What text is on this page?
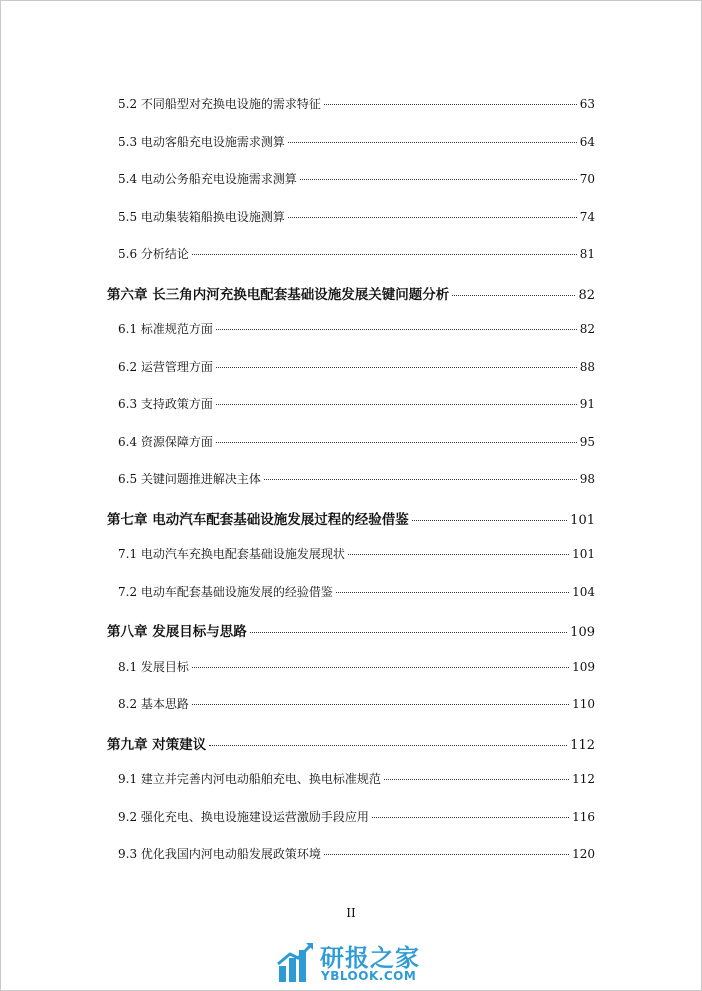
5.2 不同船型对充换电设施的需求特征	63
5.3 电动客船充电设施需求测算	64
5.4 电动公务船充电设施需求测算	70
5.5 电动集装箱船换电设施测算	74
5.6 分析结论	81
第六章 长三角内河充换电配套基础设施发展关键问题分析	82
6.1 标准规范方面	82
6.2 运营管理方面	88
6.3 支持政策方面	91
6.4 资源保障方面	95
6.5 关键问题推进解决主体	98
第七章 电动汽车配套基础设施发展过程的经验借鉴	101
7.1 电动汽车充换电配套基础设施发展现状	101
7.2 电动车配套基础设施发展的经验借鉴	104
第八章 发展目标与思路	109
8.1 发展目标	109
8.2 基本思路	110
第九章 对策建议	112
9.1 建立并完善内河电动船舶充电、换电标准规范	112
9.2 强化充电、换电设施建设运营激励手段应用	116
9.3 优化我国内河电动船发展政策环境	120
II
研报之家
YBLOOK.COM
